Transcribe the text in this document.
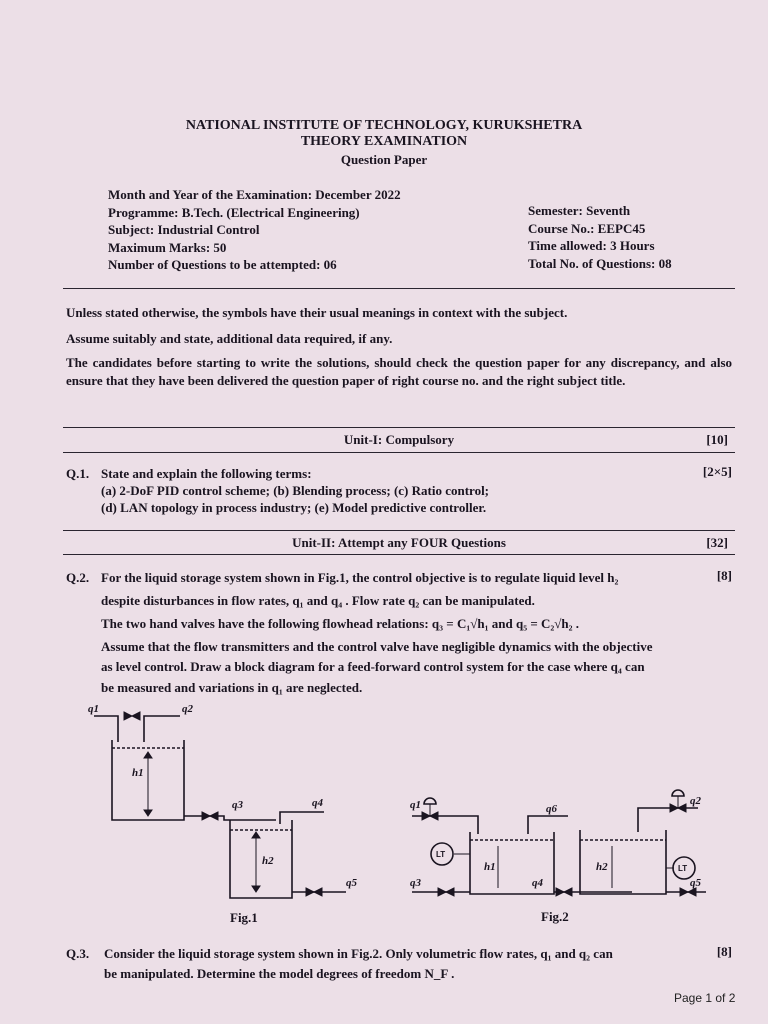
NATIONAL INSTITUTE OF TECHNOLOGY, KURUKSHETRA
THEORY EXAMINATION
Question Paper
Month and Year of the Examination: December 2022
Programme: B.Tech. (Electrical Engineering)
Subject: Industrial Control
Maximum Marks: 50
Number of Questions to be attempted: 06
Semester: Seventh
Course No.: EEPC45
Time allowed: 3 Hours
Total No. of Questions: 08
Unless stated otherwise, the symbols have their usual meanings in context with the subject.
Assume suitably and state, additional data required, if any.
The candidates before starting to write the solutions, should check the question paper for any discrepancy, and also ensure that they have been delivered the question paper of right course no. and the right subject title.
Unit-I: Compulsory	[10]
Q.1. State and explain the following terms:	[2×5]
(a) 2-DoF PID control scheme; (b) Blending process; (c) Ratio control;
(d) LAN topology in process industry; (e) Model predictive controller.
Unit-II: Attempt any FOUR Questions	[32]
Q.2.	[8]
For the liquid storage system shown in Fig.1, the control objective is to regulate liquid level h₂
despite disturbances in flow rates, q₁ and q₄ . Flow rate q₂ can be manipulated.
The two hand valves have the following flowhead relations: q₃ = C₁√h₁ and q₅ = C₂√h₂ .
Assume that the flow transmitters and the control valve have negligible dynamics with the objective
as level control. Draw a block diagram for a feed-forward control system for the case where q₄ can
be measured and variations in q₁ are neglected.
q1	q2
h1
q3	q4
h2
q5
Fig.1
q1	q6
q2
h1
q3	q4
h2
q5
LT
LT
Fig.2
Q.3.	[8]
Consider the liquid storage system shown in Fig.2. Only volumetric flow rates, q₁ and q₂ can
be manipulated. Determine the model degrees of freedom N_F .
Page 1 of 2
